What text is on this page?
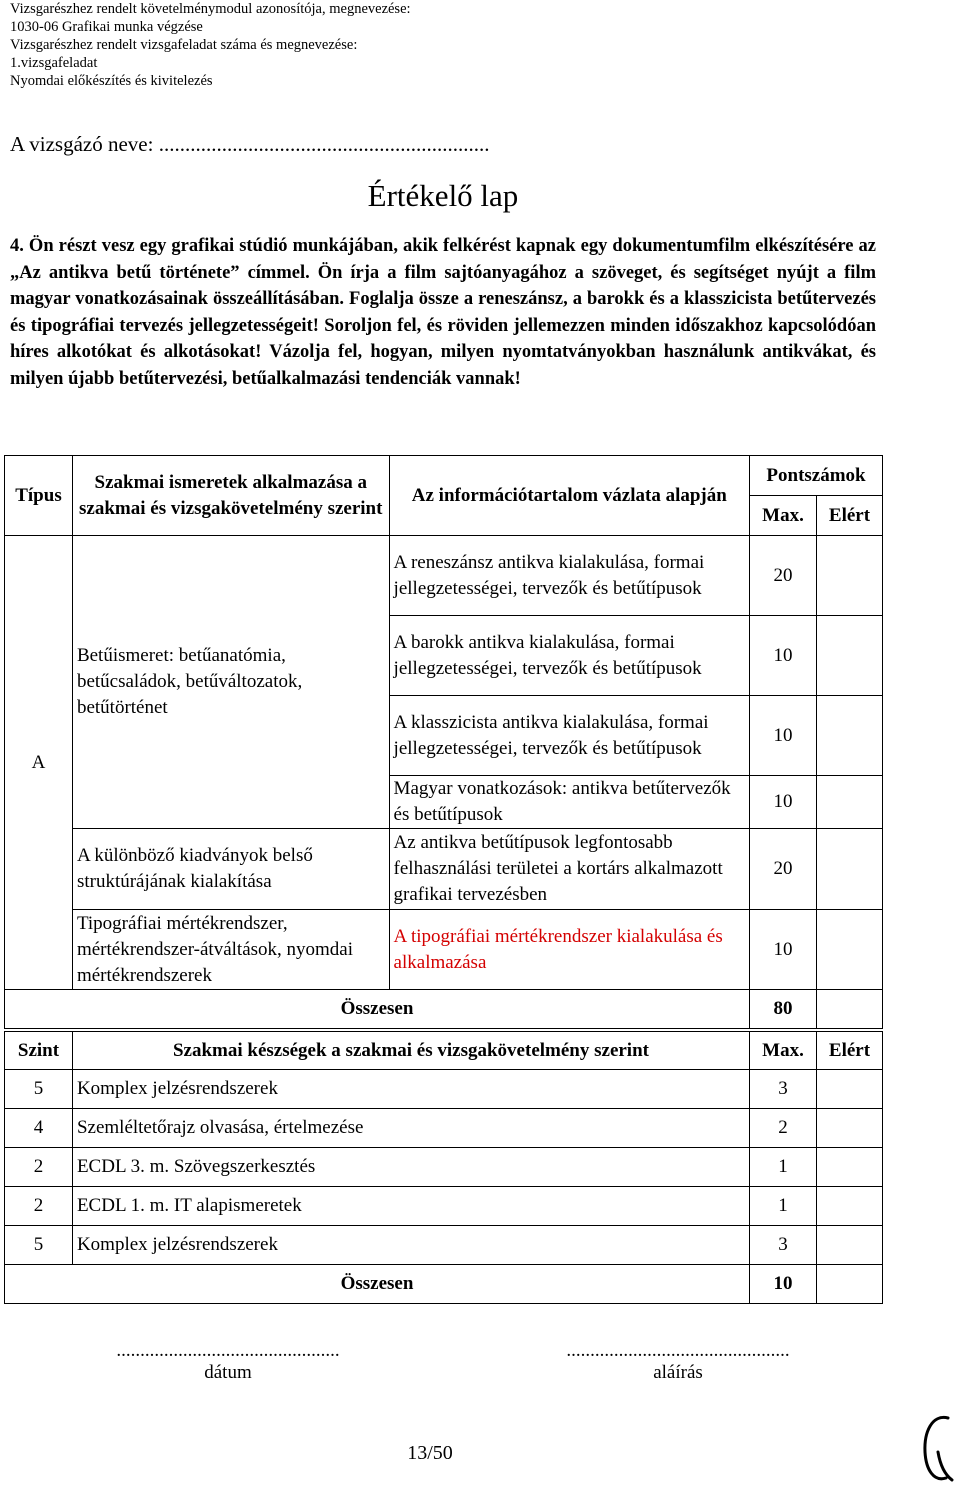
Vizsgarészhez rendelt követelménymodul azonosítója, megnevezése:
1030-06 Grafikai munka végzése
Vizsgarészhez rendelt vizsgafeladat száma és megnevezése:
1.vizsgafeladat
Nyomdai előkészítés és kivitelezés
A vizsgázó neve: ...............................................................
Értékelő lap
4. Ön részt vesz egy grafikai stúdió munkájában, akik felkérést kapnak egy dokumentumfilm elkészítésére az „Az antikva betű története” címmel. Ön írja a film sajtóanyagához a szöveget, és segítséget nyújt a film magyar vonatkozásainak összeállításában. Foglalja össze a reneszánsz, a barokk és a klasszicista betűtervezés és tipográfiai tervezés jellegzetességeit! Soroljon fel, és röviden jellemezzen minden időszakhoz kapcsolódóan híres alkotókat és alkotásokat! Vázolja fel, hogyan, milyen nyomtatványokban használunk antikvákat, és milyen újabb betűtervezési, betűalkalmazási tendenciák vannak!
Típus	Szakmai ismeretek alkalmazása a szakmai és vizsgakövetelmény szerint	Az információtartalom vázlata alapján	Pontszámok	
			Max.	Elért
A	Betűismeret: betűanatómia, betűcsaládok, betűváltozatok, betűtörténet	A reneszánsz antikva kialakulása, formai jellegzetességei, tervezők és betűtípusok	20	
		A barokk antikva kialakulása, formai jellegzetességei, tervezők és betűtípusok	10	
		A klasszicista antikva kialakulása, formai jellegzetességei, tervezők és betűtípusok	10	
		Magyar vonatkozások: antikva betűtervezők és betűtípusok	10	
	A különböző kiadványok belső struktúrájának kialakítása	Az antikva betűtípusok legfontosabb felhasználási területei a kortárs alkalmazott grafikai tervezésben	20	
	Tipográfiai mértékrendszer, mértékrendszer-átváltások, nyomdai mértékrendszerek	A tipográfiai mértékrendszer kialakulása és alkalmazása	10	
Összesen			80	
Szint	Szakmai készségek a szakmai és vizsgakövetelmény szerint	Max.	Elért
5	Komplex jelzésrendszerek	3	
4	Szemléltetőrajz olvasása, értelmezése	2	
2	ECDL 3. m. Szövegszerkesztés	1	
2	ECDL 1. m. IT alapismeretek	1	
5	Komplex jelzésrendszerek	3	
Összesen		10	
...............................................
dátum
...............................................
aláírás
13/50
